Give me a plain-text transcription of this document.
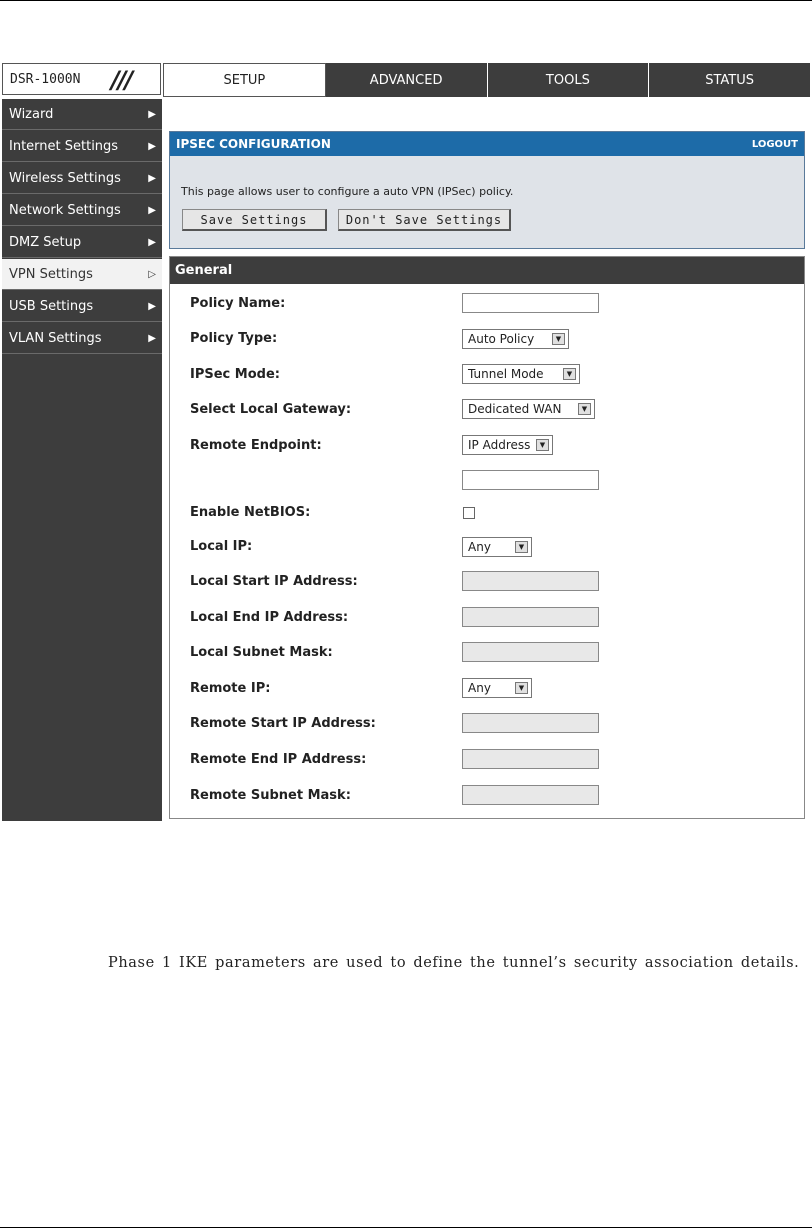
DSR-1000N ///	SETUP	ADVANCED	TOOLS	STATUS
Wizard	▶
Internet Settings	▶
Wireless Settings	▶
Network Settings	▶
DMZ Setup	▶
VPN Settings	▷
USB Settings	▶
VLAN Settings	▶
IPSEC CONFIGURATION	LOGOUT
This page allows user to configure a auto VPN (IPSec) policy.
Save Settings	Don't Save Settings
General
Policy Name:
Policy Type:	Auto Policy	▼
IPSec Mode:	Tunnel Mode	▼
Select Local Gateway:	Dedicated WAN	▼
Remote Endpoint:	IP Address	▼
Enable NetBIOS:
Local IP:	Any	▼
Local Start IP Address:
Local End IP Address:
Local Subnet Mask:
Remote IP:	Any	▼
Remote Start IP Address:
Remote End IP Address:
Remote Subnet Mask:
Phase 1 IKE parameters are used to define the tunnel’s security association details.
